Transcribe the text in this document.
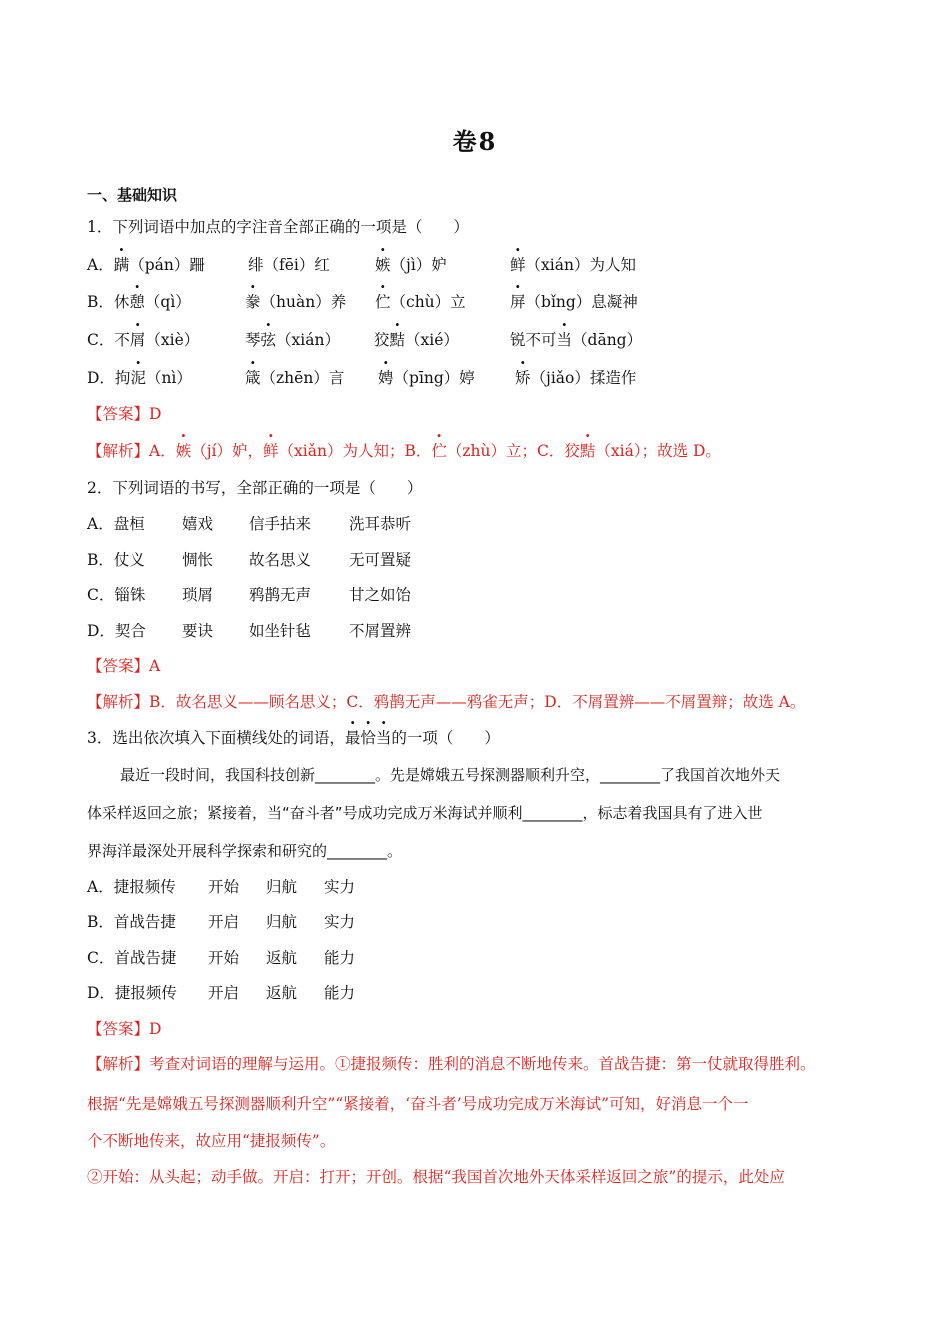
卷8
一、基础知识
1．下列词语中加点的字注音全部正确的一项是（　　）
A．蹒（pán）跚	绯（fēi）红	嫉（jì）妒	鲜（xián）为人知
B．休憩（qì）	豢（huàn）养 伫（chù）立	屏（bǐng）息凝神
C．不屑（xiè）	琴弦（xián） 狡黠（xié）	锐不可当（dāng）
D．拘泥（nì）	箴（zhēn）言 娉（pīng）婷	矫（jiǎo）揉造作
【答案】D
【解析】A．嫉（jí）妒，鲜（xiǎn）为人知；B．伫（zhù）立；C．狡黠（xiá）；故选 D。
2．下列词语的书写，全部正确的一项是（　　）
A．盘桓 嬉戏 信手拈来 洗耳恭听
B．仗义 惆怅 故名思义 无可置疑
C．锱铢 琐屑 鸦鹊无声 甘之如饴
D．契合 要诀 如坐针毡 不屑置辨
【答案】A
【解析】B．故名思义——顾名思义；C．鸦鹊无声——鸦雀无声；D．不屑置辨——不屑置辩；故选 A。
3．选出依次填入下面横线处的词语，最恰当的一项（　　）
最近一段时间，我国科技创新________。先是嫦娥五号探测器顺利升空，________了我国首次地外天
体采样返回之旅；紧接着，当“奋斗者”号成功完成万米海试并顺利________，标志着我国具有了进入世
界海洋最深处开展科学探索和研究的________。
A．捷报频传 开始 归航 实力
B．首战告捷 开启 归航 实力
C．首战告捷 开始 返航 能力
D．捷报频传 开启 返航 能力
【答案】D
【解析】考查对词语的理解与运用。①捷报频传：胜利的消息不断地传来。首战告捷：第一仗就取得胜利。
根据“先是嫦娥五号探测器顺利升空”“紧接着，‘奋斗者’号成功完成万米海试”可知，好消息一个一
个不断地传来，故应用“捷报频传”。
②开始：从头起；动手做。开启：打开；开创。根据“我国首次地外天体采样返回之旅”的提示，此处应
